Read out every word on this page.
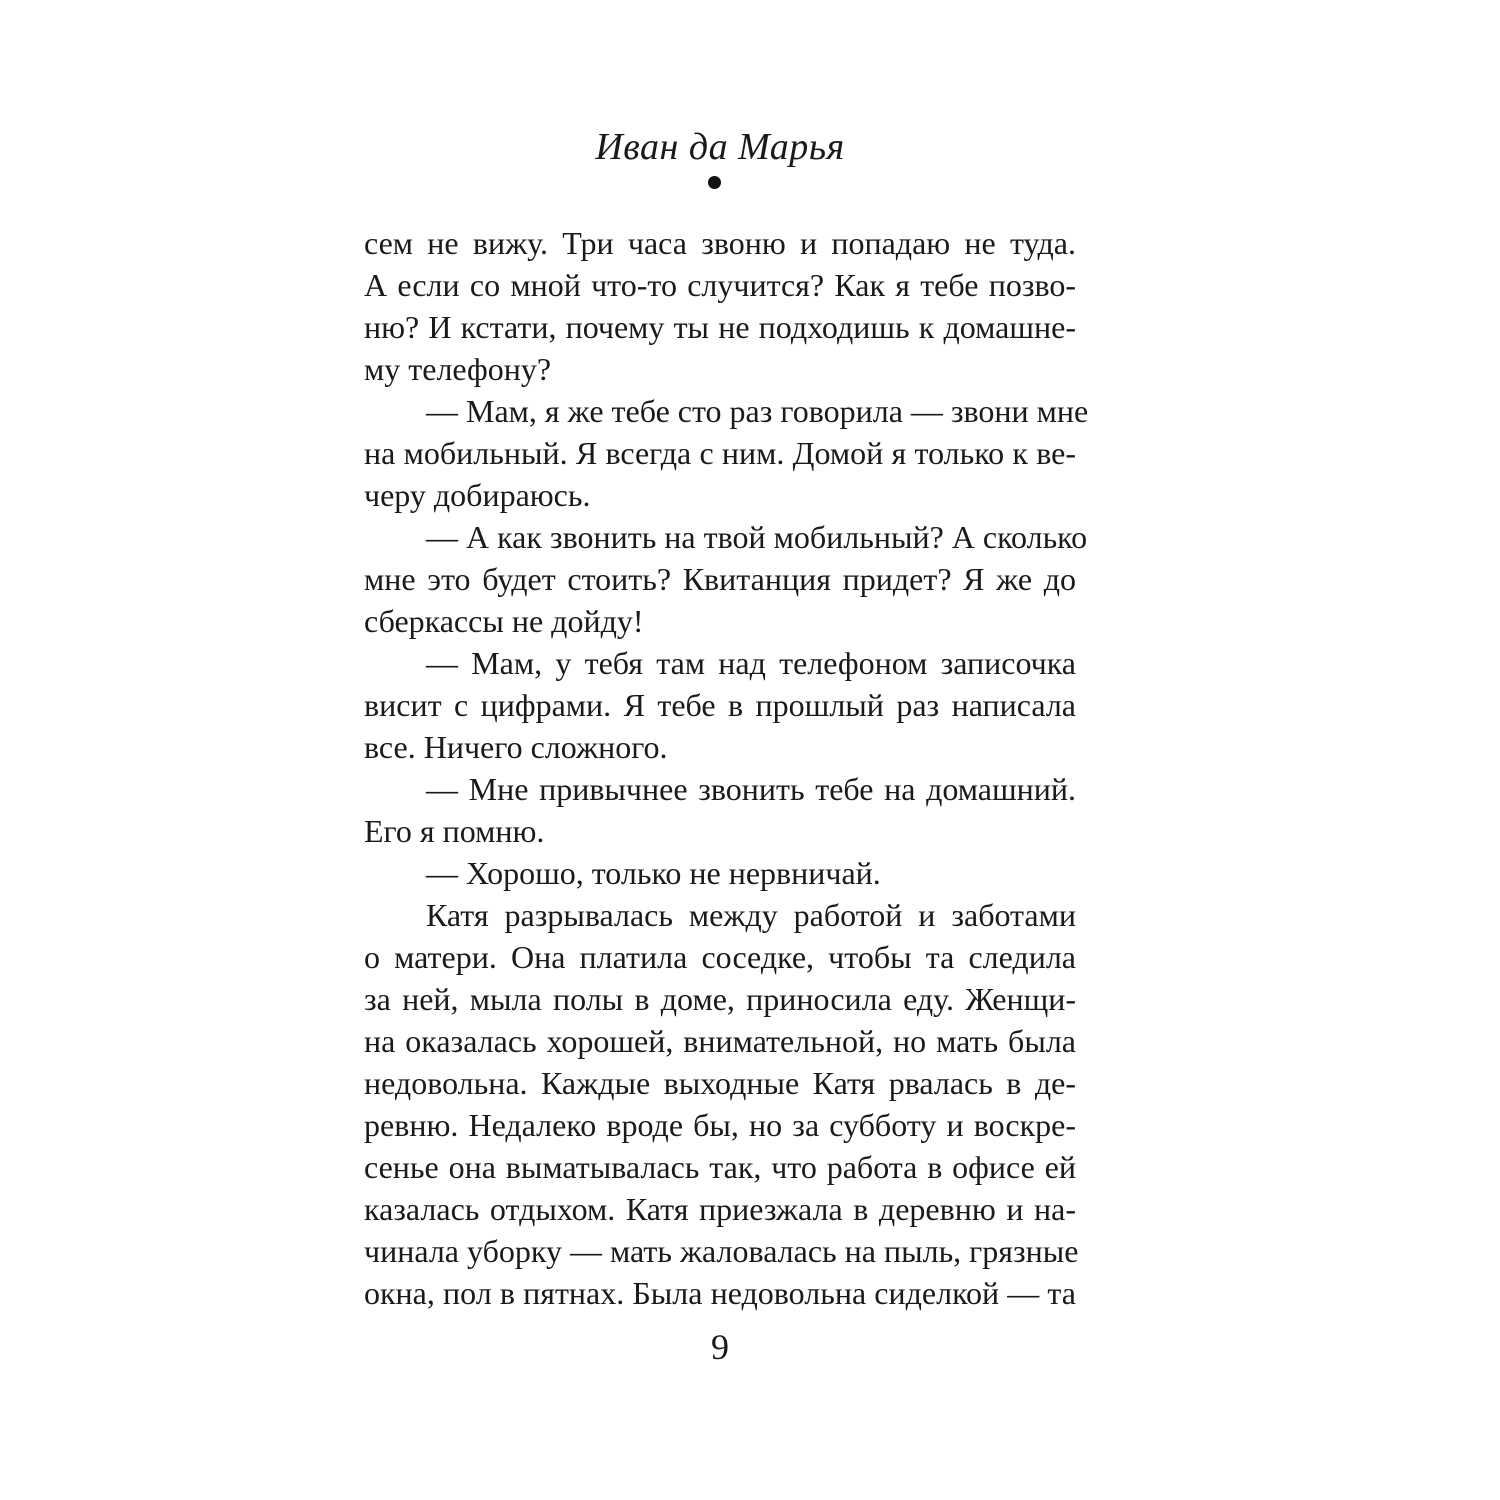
Иван да Марья
сем не вижу. Три часа звоню и попадаю не туда.
А если со мной что-то случится? Как я тебе позво-
ню? И кстати, почему ты не подходишь к домашне-
му телефону?
— Мам, я же тебе сто раз говорила — звони мне
на мобильный. Я всегда с ним. Домой я только к ве-
черу добираюсь.
— А как звонить на твой мобильный? А сколько
мне это будет стоить? Квитанция придет? Я же до
сберкассы не дойду!
— Мам, у тебя там над телефоном записочка
висит с цифрами. Я тебе в прошлый раз написала
все. Ничего сложного.
— Мне привычнее звонить тебе на домашний.
Его я помню.
— Хорошо, только не нервничай.
Катя разрывалась между работой и заботами
о матери. Она платила соседке, чтобы та следила
за ней, мыла полы в доме, приносила еду. Женщи-
на оказалась хорошей, внимательной, но мать была
недовольна. Каждые выходные Катя рвалась в де-
ревню. Недалеко вроде бы, но за субботу и воскре-
сенье она выматывалась так, что работа в офисе ей
казалась отдыхом. Катя приезжала в деревню и на-
чинала уборку — мать жаловалась на пыль, грязные
окна, пол в пятнах. Была недовольна сиделкой — та
9
